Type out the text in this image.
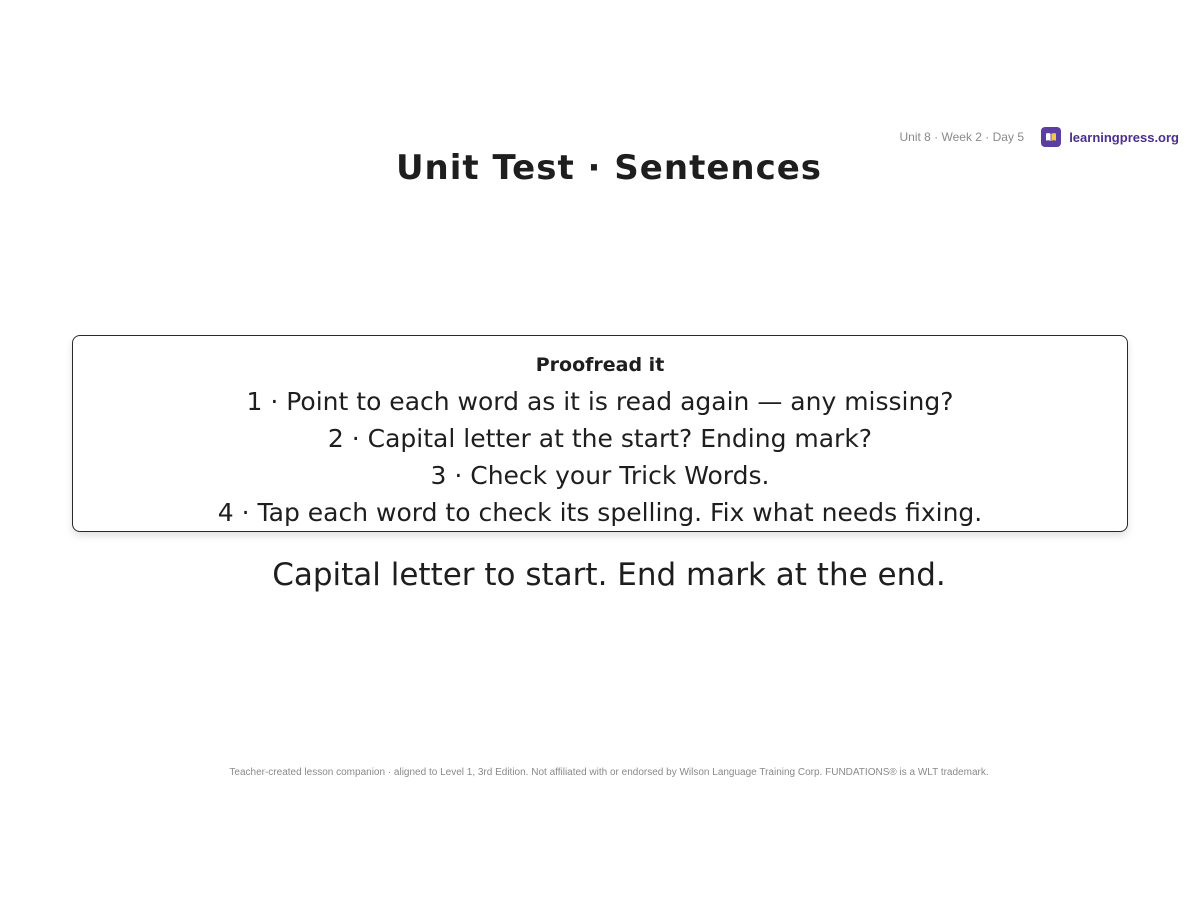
Unit 8 · Week 2 · Day 5	learningpress.org
Unit Test · Sentences
Proofread it
1 · Point to each word as it is read again — any missing?
2 · Capital letter at the start? Ending mark?
3 · Check your Trick Words.
4 · Tap each word to check its spelling. Fix what needs fixing.
Capital letter to start. End mark at the end.
Teacher-created lesson companion · aligned to Level 1, 3rd Edition. Not affiliated with or endorsed by Wilson Language Training Corp. FUNDATIONS® is a WLT trademark.
